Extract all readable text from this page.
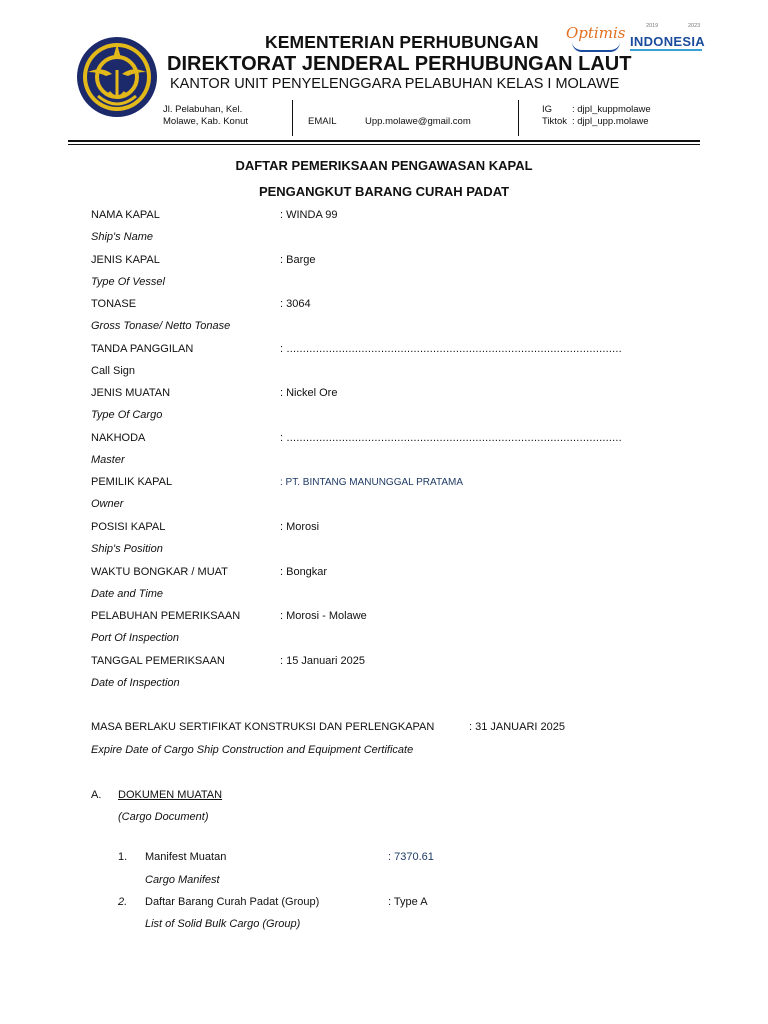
KEMENTERIAN PERHUBUNGAN
DIREKTORAT JENDERAL PERHUBUNGAN LAUT
KANTOR UNIT PENYELENGGARA PELABUHAN KELAS I MOLAWE
Optimis	2019	2023
INDONESIA
Jl. Pelabuhan, Kel.
Molawe, Kab. Konut	EMAIL	Upp.molawe@gmail.com
IG : djpl_kuppmolawe
Tiktok : djpl_upp.molawe
DAFTAR PEMERIKSAAN PENGAWASAN KAPAL
PENGANGKUT BARANG CURAH PADAT
NAMA KAPAL	: WINDA 99
Ship's Name
JENIS KAPAL	: Barge
Type Of Vessel
TONASE	: 3064
Gross Tonase/ Netto Tonase
TANDA PANGGILAN	: .......................................................................................................
Call Sign
JENIS MUATAN	: Nickel Ore
Type Of Cargo
NAKHODA	: .......................................................................................................
Master
PEMILIK KAPAL	: PT. BINTANG MANUNGGAL PRATAMA
Owner
POSISI KAPAL	: Morosi
Ship's Position
WAKTU BONGKAR / MUAT	: Bongkar
Date and Time
PELABUHAN PEMERIKSAAN	: Morosi - Molawe
Port Of Inspection
TANGGAL PEMERIKSAAN	: 15 Januari 2025
Date of Inspection
MASA BERLAKU SERTIFIKAT KONSTRUKSI DAN PERLENGKAPAN	: 31 JANUARI 2025
Expire Date of Cargo Ship Construction and Equipment Certificate
A. DOKUMEN MUATAN
(Cargo Document)
1. Manifest Muatan	: 7370.61
Cargo Manifest
2. Daftar Barang Curah Padat (Group)	: Type A
List of Solid Bulk Cargo (Group)
